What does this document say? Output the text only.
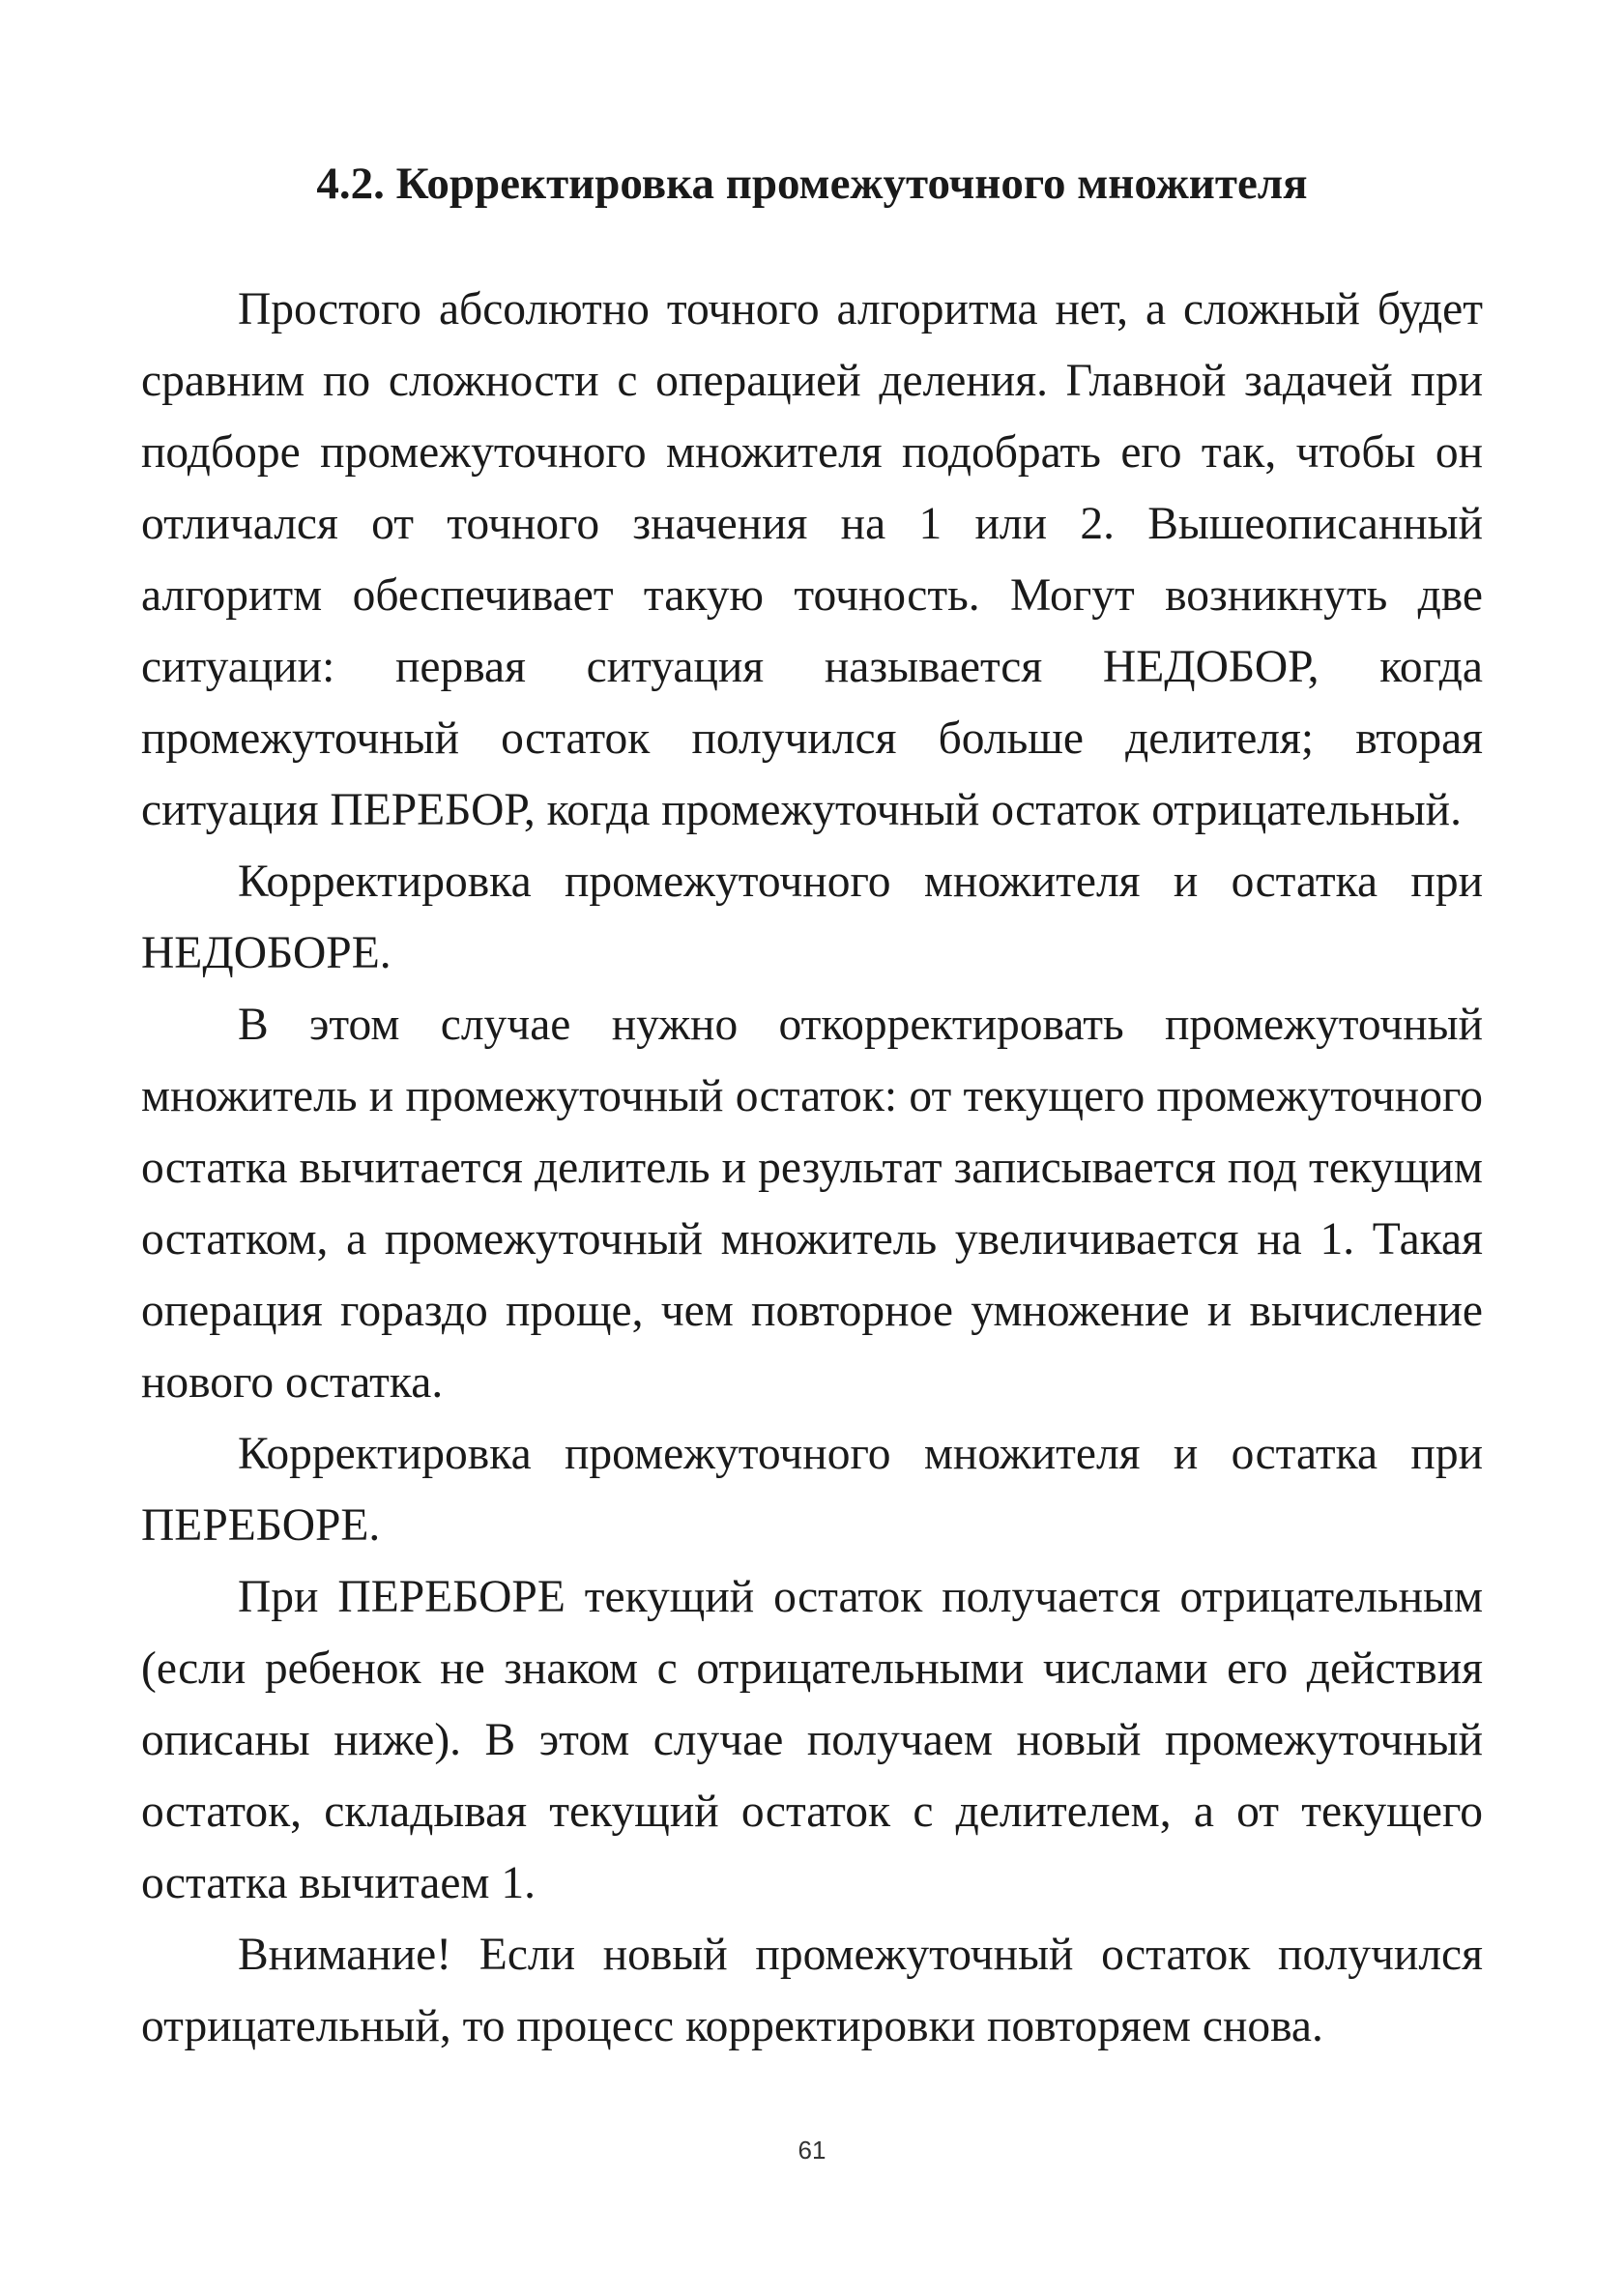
4.2. Корректировка промежуточного множителя

Простого абсолютно точного алгоритма нет, а сложный будет сравним по сложности с операцией деления. Главной задачей при подборе промежуточного множителя подобрать его так, чтобы он отличался от точного значения на 1 или 2. Вышеописанный алгоритм обеспечивает такую точность. Могут возникнуть две ситуации: первая ситуация называется НЕДОБОР, когда промежуточный остаток получился больше делителя; вторая ситуация ПЕРЕБОР, когда промежуточный остаток отрицательный.

Корректировка промежуточного множителя и остатка при НЕДОБОРЕ.

В этом случае нужно откорректировать промежуточный множитель и промежуточный остаток: от текущего промежуточного остатка вычитается делитель и результат записывается под текущим остатком, а промежуточный множитель увеличивается на 1. Такая операция гораздо проще, чем повторное умножение и вычисление нового остатка.

Корректировка промежуточного множителя и остатка при ПЕРЕБОРЕ.

При ПЕРЕБОРЕ текущий остаток получается отрицательным (если ребенок не знаком с отрицательными числами его действия описаны ниже). В этом случае получаем новый промежуточный остаток, складывая текущий остаток с делителем, а от текущего остатка вычитаем 1.

Внимание! Если новый промежуточный остаток получился отрицательный, то процесс корректировки повторяем снова.

61
